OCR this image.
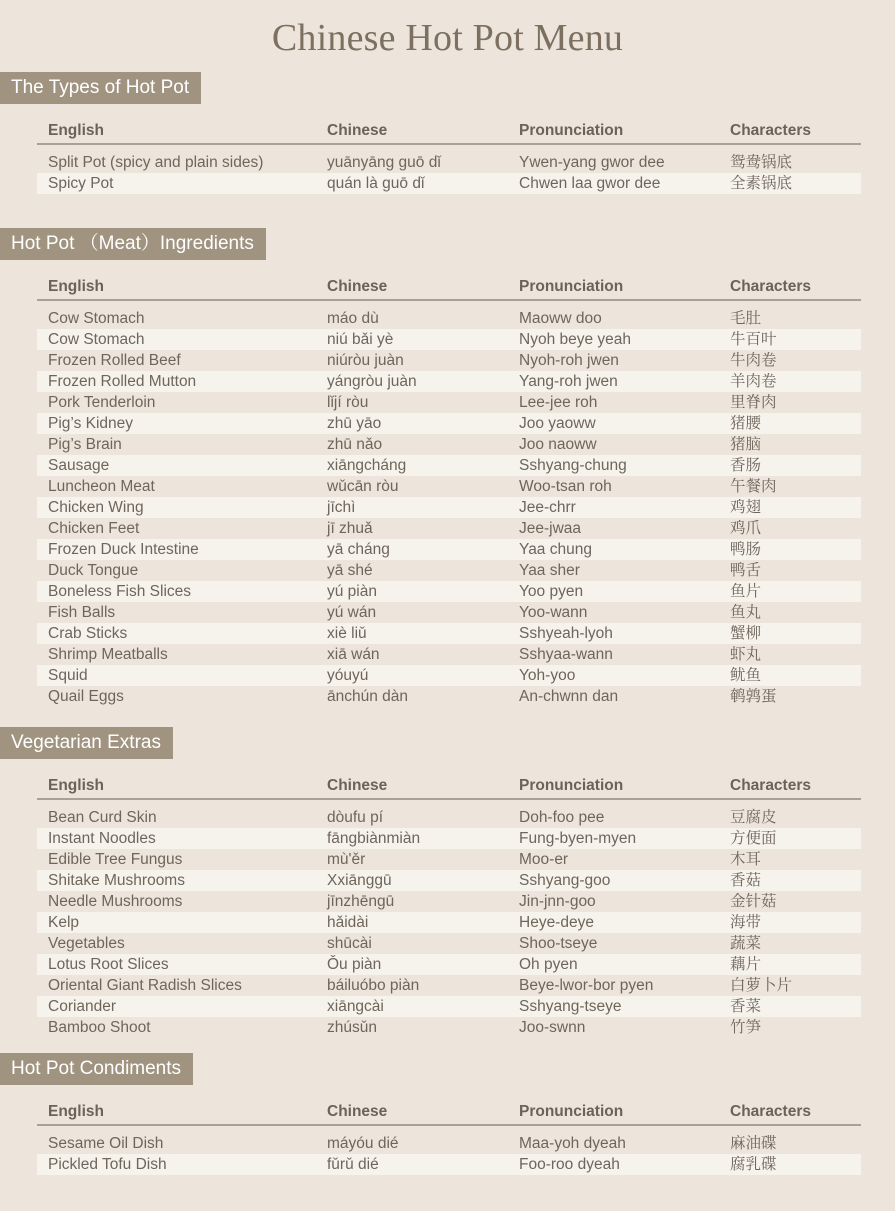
Chinese Hot Pot Menu
The Types of Hot Pot
English	Chinese	Pronunciation	Characters
Split Pot (spicy and plain sides)	yuānyāng guō dǐ	Ywen-yang gwor dee	鸳鸯锅底
Spicy Pot	quán là guō dǐ	Chwen laa gwor dee	全素锅底
Hot Pot （Meat）Ingredients
English	Chinese	Pronunciation	Characters
Cow Stomach	máo dù	Maoww doo	毛肚
Cow Stomach	niú bǎi yè	Nyoh beye yeah	牛百叶
Frozen Rolled Beef	niúròu juàn	Nyoh-roh jwen	牛肉卷
Frozen Rolled Mutton	yángròu juàn	Yang-roh jwen	羊肉卷
Pork Tenderloin	lǐjí ròu	Lee-jee roh	里脊肉
Pig’s Kidney	zhū yāo	Joo yaoww	猪腰
Pig’s Brain	zhū nǎo	Joo naoww	猪脑
Sausage	xiāngcháng	Sshyang-chung	香肠
Luncheon Meat	wǔcān ròu	Woo-tsan roh	午餐肉
Chicken Wing	jīchì	Jee-chrr	鸡翅
Chicken Feet	jī zhuǎ	Jee-jwaa	鸡爪
Frozen Duck Intestine	yā cháng	Yaa chung	鸭肠
Duck Tongue	yā shé	Yaa sher	鸭舌
Boneless Fish Slices	yú piàn	Yoo pyen	鱼片
Fish Balls	yú wán	Yoo-wann	鱼丸
Crab Sticks	xiè liǔ	Sshyeah-lyoh	蟹柳
Shrimp Meatballs	xiā wán	Sshyaa-wann	虾丸
Squid	yóuyú	Yoh-yoo	鱿鱼
Quail Eggs	ānchún dàn	An-chwnn dan	鹌鹑蛋
Vegetarian Extras
English	Chinese	Pronunciation	Characters
Bean Curd Skin	dòufu pí	Doh-foo pee	豆腐皮
Instant Noodles	fāngbiànmiàn	Fung-byen-myen	方便面
Edible Tree Fungus	mù'ěr	Moo-er	木耳
Shitake Mushrooms	Xxiānggū	Sshyang-goo	香菇
Needle Mushrooms	jīnzhēngū	Jin-jnn-goo	金针菇
Kelp	hǎidài	Heye-deye	海带
Vegetables	shūcài	Shoo-tseye	蔬菜
Lotus Root Slices	Ǒu piàn	Oh pyen	藕片
Oriental Giant Radish Slices	báiluóbo piàn	Beye-lwor-bor pyen	白萝卜片
Coriander	xiāngcài	Sshyang-tseye	香菜
Bamboo Shoot	zhúsǔn	Joo-swnn	竹笋
Hot Pot Condiments
English	Chinese	Pronunciation	Characters
Sesame Oil Dish	máyóu dié	Maa-yoh dyeah	麻油碟
Pickled Tofu Dish	fǔrǔ dié	Foo-roo dyeah	腐乳碟
